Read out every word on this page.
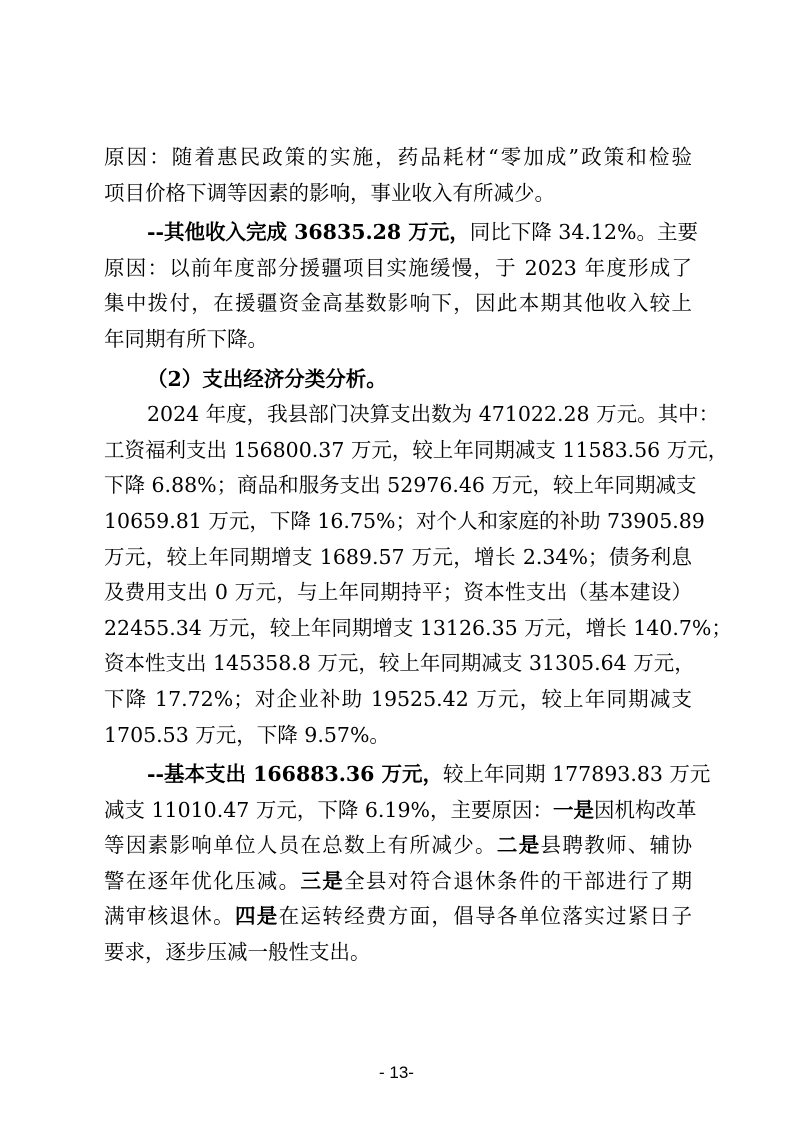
原因：随着惠民政策的实施，药品耗材“零加成”政策和检验
项目价格下调等因素的影响，事业收入有所减少。
--其他收入完成 36835.28 万元，同比下降 34.12%。主要
原因：以前年度部分援疆项目实施缓慢，于 2023 年度形成了
集中拨付，在援疆资金高基数影响下，因此本期其他收入较上
年同期有所下降。
（2）支出经济分类分析。
2024 年度，我县部门决算支出数为 471022.28 万元。其中：
工资福利支出 156800.37 万元，较上年同期减支 11583.56 万元，
下降 6.88%；商品和服务支出 52976.46 万元，较上年同期减支
10659.81 万元，下降 16.75%；对个人和家庭的补助 73905.89
万元，较上年同期增支 1689.57 万元，增长 2.34%；债务利息
及费用支出 0 万元，与上年同期持平；资本性支出（基本建设）
22455.34 万元，较上年同期增支 13126.35 万元，增长 140.7%；
资本性支出 145358.8 万元，较上年同期减支 31305.64 万元，
下降 17.72%；对企业补助 19525.42 万元，较上年同期减支
1705.53 万元，下降 9.57%。
--基本支出 166883.36 万元，较上年同期 177893.83 万元
减支 11010.47 万元，下降 6.19%，主要原因：一是因机构改革
等因素影响单位人员在总数上有所减少。二是县聘教师、辅协
警在逐年优化压减。三是全县对符合退休条件的干部进行了期
满审核退休。四是在运转经费方面，倡导各单位落实过紧日子
要求，逐步压减一般性支出。
- 13-
